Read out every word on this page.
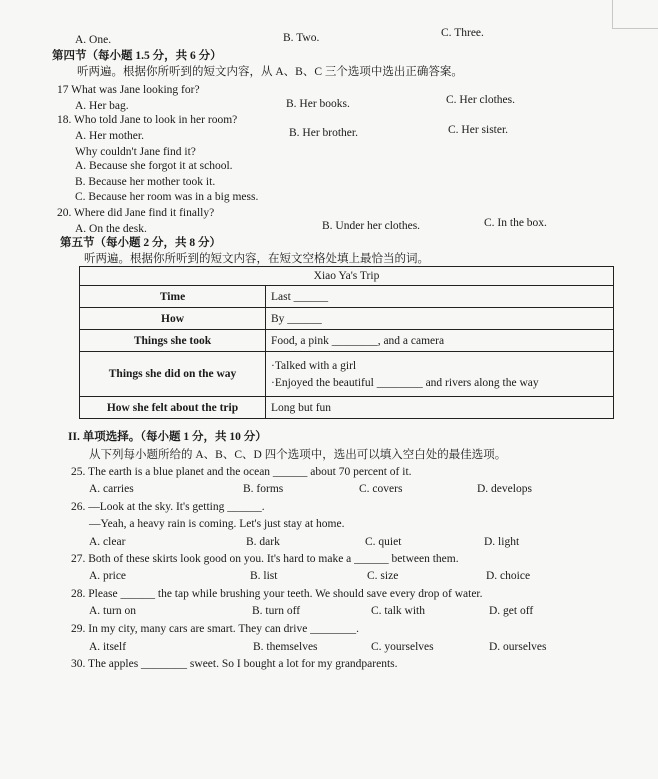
A. One.	B. Two.	C. Three.
第四节（每小题 1.5 分，共 6 分）
听两遍。根据你所听到的短文内容，从 A、B、C 三个选项中选出正确答案。
17 What was Jane looking for?
A. Her bag.	B. Her books.	C. Her clothes.
18. Who told Jane to look in her room?
A. Her mother.	B. Her brother.	C. Her sister.
Why couldn't Jane find it?
A. Because she forgot it at school.
B. Because her mother took it.
C. Because her room was in a big mess.
20. Where did Jane find it finally?
A. On the desk.	B. Under her clothes.	C. In the box.
第五节（每小题 2 分，共 8 分）
听两遍。根据你所听到的短文内容，在短文空格处填上最恰当的词。
Xiao Ya's Trip	
Time	Last ______
How	By ______
Things she took	Food, a pink ________, and a camera
Things she did on the way	·Talked with a girl
·Enjoyed the beautiful ________ and rivers along the way

How she felt about the trip	Long but fun
II. 单项选择。（每小题 1 分，共 10 分）
从下列每小题所给的 A、B、C、D 四个选项中，选出可以填入空白处的最佳选项。
25. The earth is a blue planet and the ocean ______ about 70 percent of it.
A. carries	B. forms	C. covers	D. develops
26. —Look at the sky. It's getting ______.
—Yeah, a heavy rain is coming. Let's just stay at home.
A. clear	B. dark	C. quiet	D. light
27. Both of these skirts look good on you. It's hard to make a ______ between them.
A. price	B. list	C. size	D. choice
28. Please ______ the tap while brushing your teeth. We should save every drop of water.
A. turn on	B. turn off	C. talk with	D. get off
29. In my city, many cars are smart. They can drive ________.
A. itself	B. themselves	C. yourselves	D. ourselves
30. The apples ________ sweet. So I bought a lot for my grandparents.
